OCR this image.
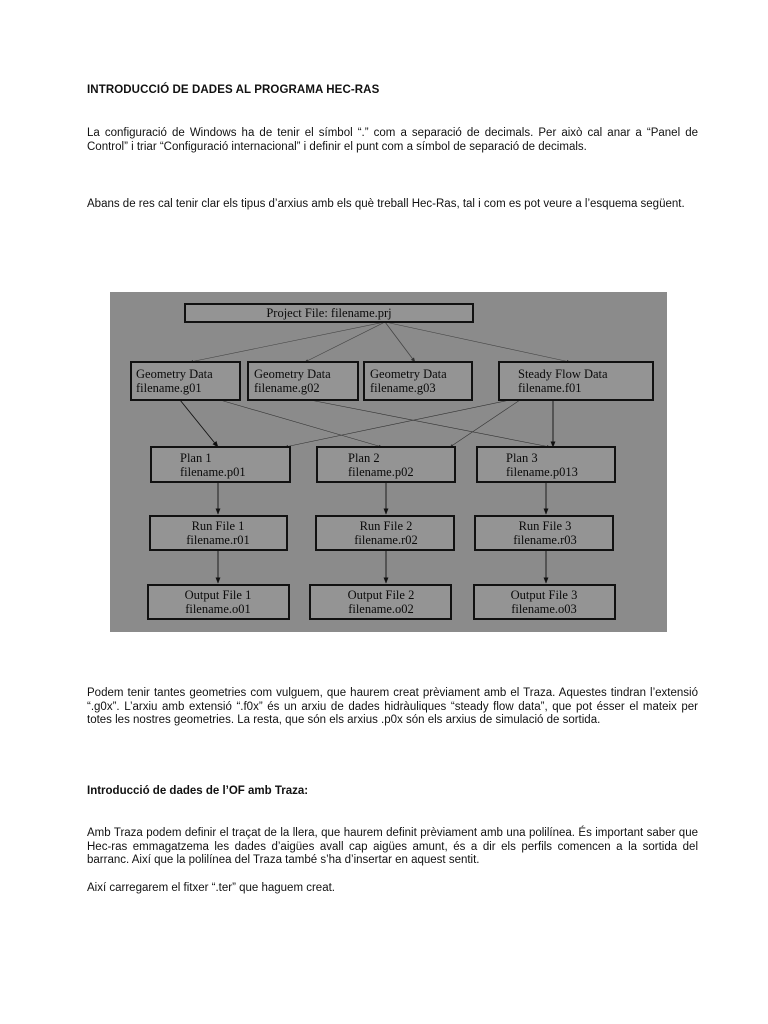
INTRODUCCIÓ DE DADES AL PROGRAMA HEC-RAS

La configuració de Windows ha de tenir el símbol “.” com a separació de decimals. Per això cal anar a “Panel de Control” i triar “Configuració internacional” i definir el punt com a símbol de separació de decimals.

Abans de res cal tenir clar els tipus d’arxius amb els què treball Hec-Ras, tal i com es pot veure a l’esquema següent.

Project File: filename.prj
Geometry Data
filename.g01
Geometry Data
filename.g02
Geometry Data
filename.g03
Steady Flow Data
filename.f01
Plan 1
filename.p01
Plan 2
filename.p02
Plan 3
filename.p013
Run File 1
filename.r01
Run File 2
filename.r02
Run File 3
filename.r03
Output File 1
filename.o01
Output File 2
filename.o02
Output File 3
filename.o03

Podem tenir tantes geometries com vulguem, que haurem creat prèviament amb el Traza. Aquestes tindran l’extensió “.g0x”. L’arxiu amb extensió “.f0x” és un arxiu de dades hidràuliques “steady flow data”, que pot ésser el mateix per totes les nostres geometries. La resta, que són els arxius .p0x són els arxius de simulació de sortida.

Introducció de dades de l’OF amb Traza:

Amb Traza podem definir el traçat de la llera, que haurem definit prèviament amb una polilínea. És important saber que Hec-ras emmagatzema les dades d’aigües avall cap aigües amunt, és a dir els perfils comencen a la sortida del barranc. Així que la polilínea del Traza també s’ha d’insertar en aquest sentit.

Així carregarem el fitxer “.ter” que haguem creat.
